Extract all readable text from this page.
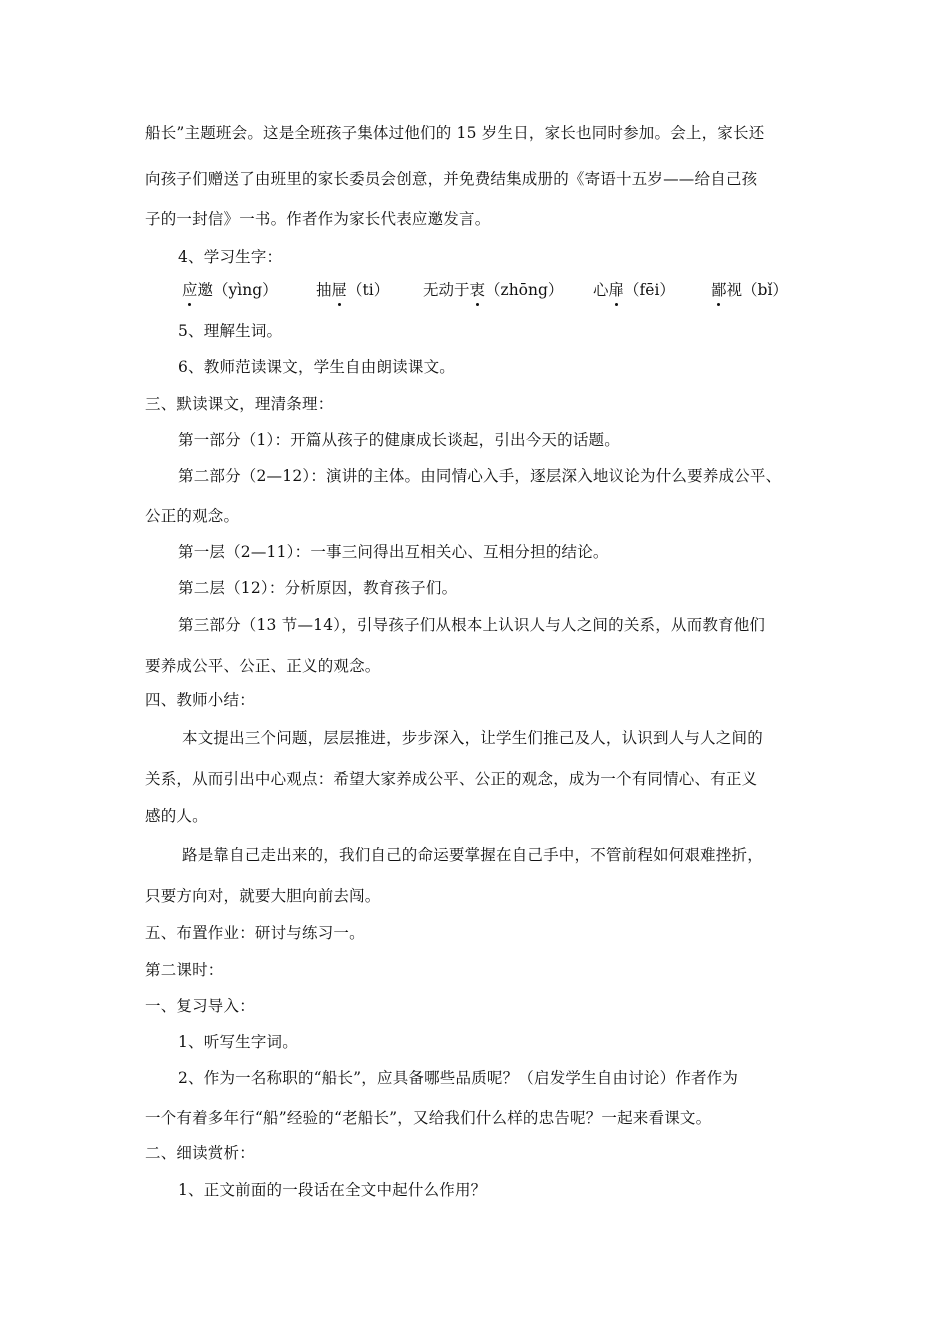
船长”主题班会。这是全班孩子集体过他们的 15 岁生日，家长也同时参加。会上，家长还
向孩子们赠送了由班里的家长委员会创意，并免费结集成册的《寄语十五岁——给自己孩
子的一封信》一书。作者作为家长代表应邀发言。
4、学习生字：
应邀（yìng） 抽屉（ti） 无动于衷（zhōng） 心扉（fēi） 鄙视（bǐ）
5、理解生词。
6、教师范读课文，学生自由朗读课文。
三、默读课文，理清条理：
第一部分（1）：开篇从孩子的健康成长谈起，引出今天的话题。
第二部分（2—12）：演讲的主体。由同情心入手，逐层深入地议论为什么要养成公平、
公正的观念。
第一层（2—11）：一事三问得出互相关心、互相分担的结论。
第二层（12）：分析原因，教育孩子们。
第三部分（13 节—14），引导孩子们从根本上认识人与人之间的关系，从而教育他们
要养成公平、公正、正义的观念。
四、教师小结：
本文提出三个问题，层层推进，步步深入，让学生们推己及人，认识到人与人之间的
关系，从而引出中心观点：希望大家养成公平、公正的观念，成为一个有同情心、有正义
感的人。
路是靠自己走出来的，我们自己的命运要掌握在自己手中，不管前程如何艰难挫折，
只要方向对，就要大胆向前去闯。
五、布置作业：研讨与练习一。
第二课时：
一、复习导入：
1、听写生字词。
2、作为一名称职的“船长”，应具备哪些品质呢？（启发学生自由讨论）作者作为
一个有着多年行“船”经验的“老船长”，又给我们什么样的忠告呢？一起来看课文。
二、细读赏析：
1、正文前面的一段话在全文中起什么作用？
